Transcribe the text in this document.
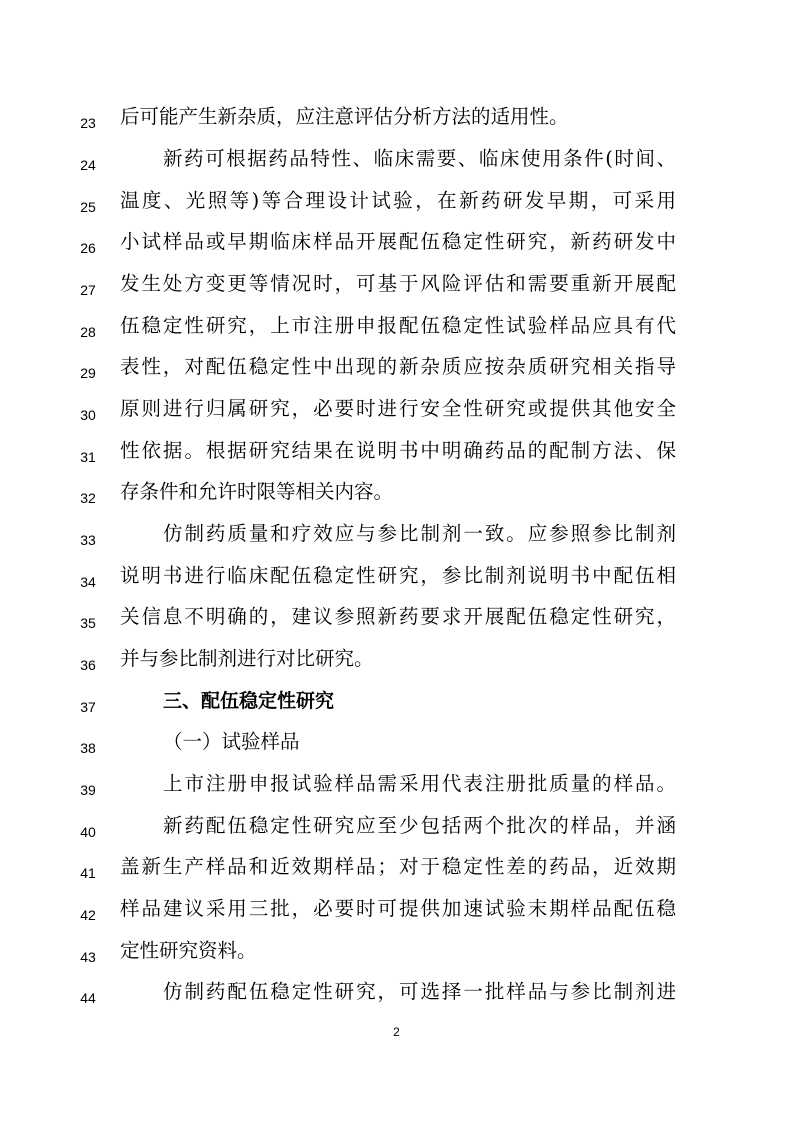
23	后可能产生新杂质，应注意评估分析方法的适用性。
24	新药可根据药品特性、临床需要、临床使用条件(时间、
25	温度、光照等)等合理设计试验，在新药研发早期，可采用
26	小试样品或早期临床样品开展配伍稳定性研究，新药研发中
27	发生处方变更等情况时，可基于风险评估和需要重新开展配
28	伍稳定性研究，上市注册申报配伍稳定性试验样品应具有代
29	表性，对配伍稳定性中出现的新杂质应按杂质研究相关指导
30	原则进行归属研究，必要时进行安全性研究或提供其他安全
31	性依据。根据研究结果在说明书中明确药品的配制方法、保
32	存条件和允许时限等相关内容。
33	仿制药质量和疗效应与参比制剂一致。应参照参比制剂
34	说明书进行临床配伍稳定性研究，参比制剂说明书中配伍相
35	关信息不明确的，建议参照新药要求开展配伍稳定性研究，
36	并与参比制剂进行对比研究。
37	三、配伍稳定性研究
38	（一）试验样品
39	上市注册申报试验样品需采用代表注册批质量的样品。
40	新药配伍稳定性研究应至少包括两个批次的样品，并涵
41	盖新生产样品和近效期样品；对于稳定性差的药品，近效期
42	样品建议采用三批，必要时可提供加速试验末期样品配伍稳
43	定性研究资料。
44	仿制药配伍稳定性研究，可选择一批样品与参比制剂进
2
